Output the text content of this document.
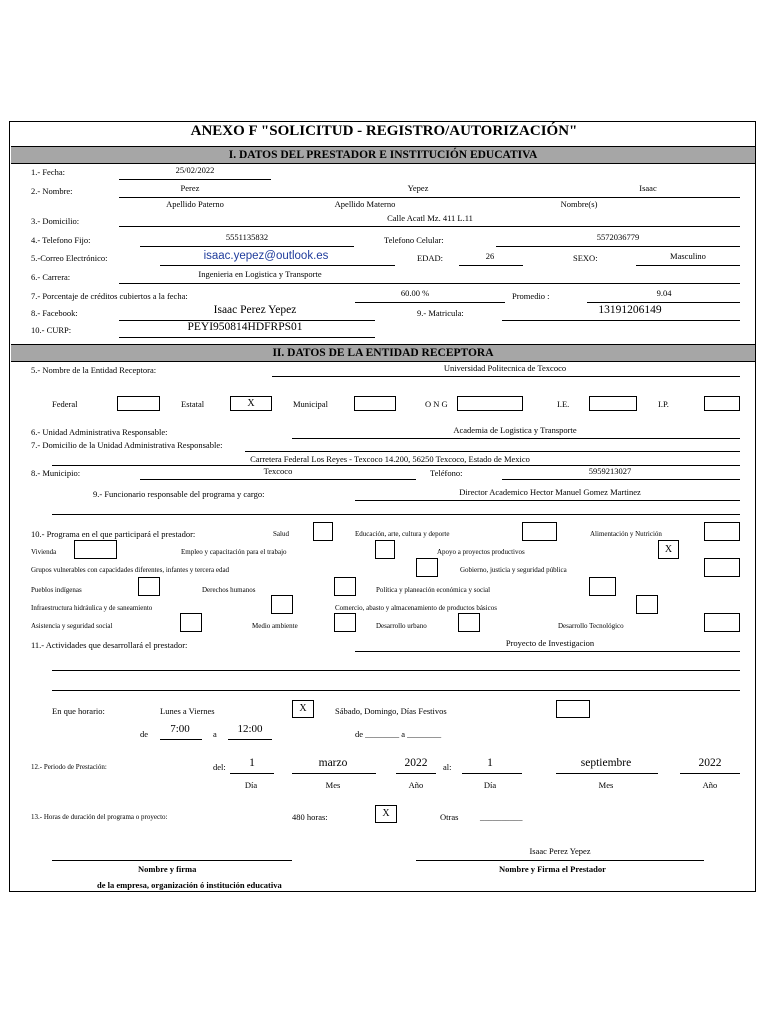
ANEXO F "SOLICITUD - REGISTRO/AUTORIZACIÓN"
I. DATOS DEL PRESTADOR E INSTITUCIÓN EDUCATIVA
1.- Fecha:	25/02/2022
2.- Nombre:	Perez	Yepez	Isaac
Apellido Paterno	Apellido Materno	Nombre(s)
3.- Domicilio:	Calle Acatl Mz. 411 L.11
4.- Telefono Fijo:	5551135832	Telefono Celular:	5572036779
5.-Correo Electrónico:	isaac.yepez@outlook.es	EDAD:	26	SEXO:	Masculino
6.- Carrera:	Ingenieria en Logistica y Transporte
7.- Porcentaje de créditos cubiertos a la fecha:	60.00 %	Promedio :	9.04
8.- Facebook:	Isaac Perez Yepez	9.- Matricula:	13191206149
10.- CURP:	PEYI950814HDFRPS01
II. DATOS DE LA ENTIDAD RECEPTORA
5.- Nombre de la Entidad Receptora:	Universidad Politecnica de Texcoco
Federal	Estatal	X	Municipal	O N G	I.E.	I.P.
6.- Unidad Administrativa Responsable:	Academia de Logistica y Transporte
7.- Domicilio de la Unidad Administrativa Responsable:
Carretera Federal Los Reyes - Texcoco 14.200, 56250 Texcoco, Estado de Mexico
8.- Municipio:	Texcoco	Teléfono:	5959213027
9.- Funcionario responsable del programa y cargo:	Director Academico Hector Manuel Gomez Martinez
10.- Programa en el que participará el prestador:	Salud	Educación, arte, cultura y deporte	Alimentación y Nutrición
Vivienda	Empleo y capacitación para el trabajo	Apoyo a proyectos productivos	X
Grupos vulnerables con capacidades diferentes, infantes y tercera edad	Gobierno, justicia y seguridad pública
Pueblos indígenas	Derechos humanos	Política y planeación económica y social
Infraestructura hidráulica y de saneamiento	Comercio, abasto y almacenamiento de productos básicos
Asistencia y seguridad social	Medio ambiente	Desarrollo urbano	Desarrollo Tecnológico
11.- Actividades que desarrollará el prestador:	Proyecto de Investigacion
En que horario:	Lunes a Viernes	X	Sábado, Domingo, Días Festivos
de	7:00	a	12:00	de ________ a ________
12.- Periodo de Prestación:	del:	1	marzo	2022	al:	1	septiembre	2022
Día	Mes	Año	Día	Mes	Año
13.- Horas de duración del programa o proyecto:	480 horas:	X	Otras	__________
Nombre y firma
de la empresa, organización ó institución educativa
Isaac Perez Yepez
Nombre y Firma el Prestador
